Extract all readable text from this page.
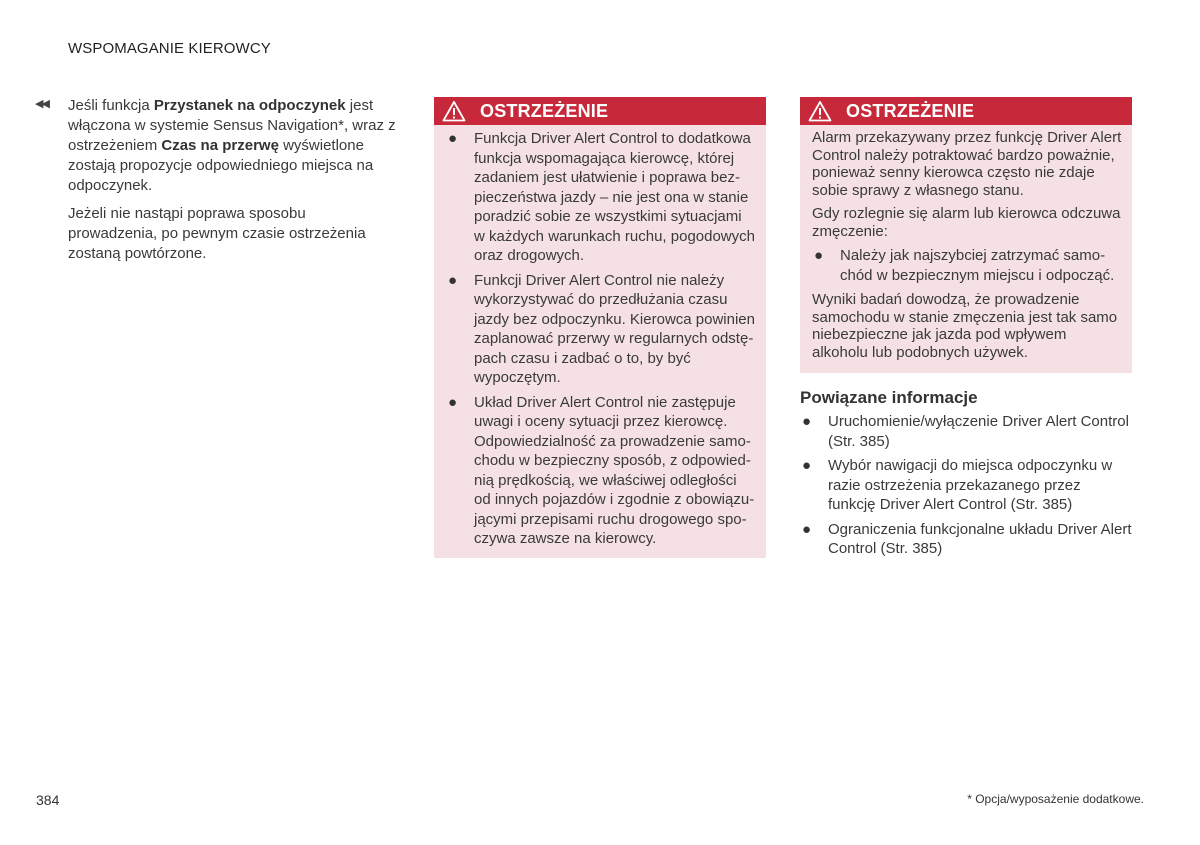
WSPOMAGANIE KIEROWCY
◀◀ Jeśli funkcja Przystanek na odpoczynek jest włączona w systemie Sensus Navigation*, wraz z ostrzeżeniem Czas na przerwę wyświetlone zostają propozycje odpowiedniego miejsca na odpoczynek.

Jeżeli nie nastąpi poprawa sposobu prowadzenia, po pewnym czasie ostrzeżenia zostaną powtórzone.

OSTRZEŻENIE
● Funkcja Driver Alert Control to dodatkowa funkcja wspomagająca kierowcę, której zadaniem jest ułatwienie i poprawa bezpieczeństwa jazdy – nie jest ona w stanie poradzić sobie ze wszystkimi sytuacjami w każdych warunkach ruchu, pogodowych oraz drogowych.
● Funkcji Driver Alert Control nie należy wykorzystywać do przedłużania czasu jazdy bez odpoczynku. Kierowca powinien zaplanować przerwy w regularnych odstępach czasu i zadbać o to, by być wypoczętym.
● Układ Driver Alert Control nie zastępuje uwagi i oceny sytuacji przez kierowcę. Odpowiedzialność za prowadzenie samochodu w bezpieczny sposób, z odpowiednią prędkością, we właściwej odległości od innych pojazdów i zgodnie z obowiązującymi przepisami ruchu drogowego spoczywa zawsze na kierowcy.
OSTRZEŻENIE

Alarm przekazywany przez funkcję Driver Alert Control należy potraktować bardzo poważnie, ponieważ senny kierowca często nie zdaje sobie sprawy z własnego stanu.

Gdy rozlegnie się alarm lub kierowca odczuwa zmęczenie:

● Należy jak najszybciej zatrzymać samochód w bezpiecznym miejscu i odpocząć.

Wyniki badań dowodzą, że prowadzenie samochodu w stanie zmęczenia jest tak samo niebezpieczne jak jazda pod wpływem alkoholu lub podobnych używek.

Powiązane informacje
● Uruchomienie/wyłączenie Driver Alert Control (Str. 385)
● Wybór nawigacji do miejsca odpoczynku w razie ostrzeżenia przekazanego przez funkcję Driver Alert Control (Str. 385)
● Ograniczenia funkcjonalne układu Driver Alert Control (Str. 385)
384	* Opcja/wyposażenie dodatkowe.
